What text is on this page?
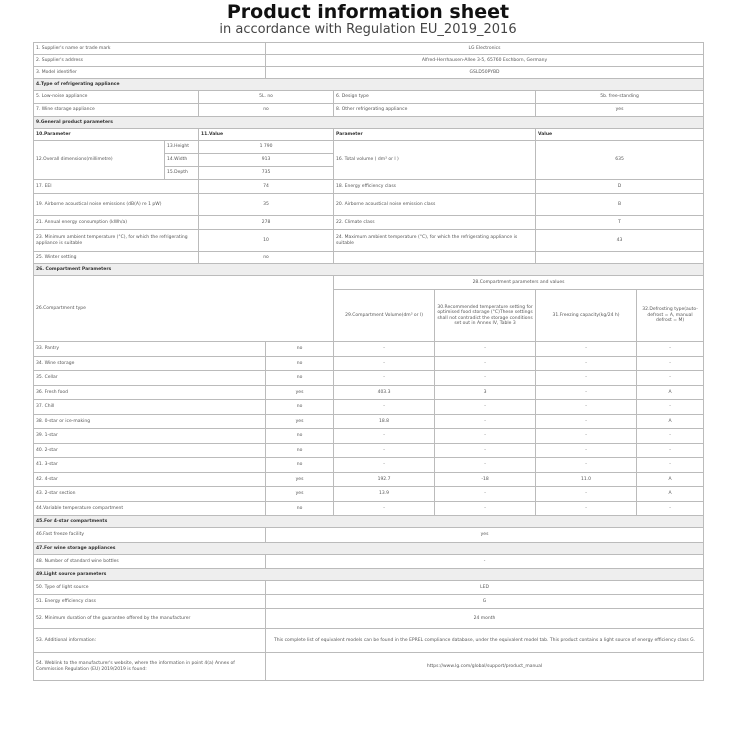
Product information sheet
in accordance with Regulation EU_2019_2016
1. Supplier's name or trade mark			LG Electronics				
2. Supplier's address			Alfred-Herrhausen-Allee 3-5, 65760 Eschborn, Germany				
3. Model identifier			GSLD50PYBD				
4.Type of refrigerating appliance							
5. Low-noise appliance		5L. no		6. Design type		5b. free-standing	
7. Wine storage appliance		no		8. Other refrigerating appliance		yes	
9.General product parameters							
10.Parameter		11.Value		Parameter		Value	
12.Overall dimensions(millimetre)	13.Height	1 790		16. Total volume ( dm³ or l )		635	
	14.Width	913					
	15.Depth	735					
17. EEI		74		18. Energy efficiency class		D	
19. Airborne acoustical noise emissions (dB(A) re 1 pW)		35		20. Airborne acoustical noise emission class		B	
21. Annual energy consumption (kWh/a)		278		22. Climate class		T	
23. Minimum ambient temperature (°C), for which the refrigerating appliance is suitable		10		24. Maximum ambient temperature (°C), for which the refrigerating appliance is suitable		43	
25. Winter setting		no					
26. Compartment Parameters							
26.Compartment type				28.Compartment parameters and values			
				29.Compartment Volume(dm³ or l)	30.Recommended temperature setting for optimised food storage (°C)These settings shall not contradict the storage conditions set out in Annex IV, Table 3	31.Freezing capacity(kg/24 h)	32.Defrosting type(auto-defrost = A, manual defrost = M)
33. Pantry			no	-	-	-	-
34. Wine storage			no	-	-	-	-
35. Cellar			no	-	-	-	-
36. Fresh food			yes	403.3	3	-	A
37. Chill			no	-	-	-	-
38. 0-star or ice-making			yes	18.8	-	-	A
39. 1-star			no	-	-	-	-
40. 2-star			no	-	-	-	-
41. 3-star			no	-	-	-	-
42. 4-star			yes	192.7	-18	11.0	A
43. 2-star section			yes	13.9	-	-	A
44.Variable temperature compartment			no	-	-	-	-
45.For 4-star compartments							
46.Fast freeze facility			yes				
47.For wine storage appliances							
48. Number of standard wine bottles			-				
49.Light source parameters							
50. Type of light source			LED				
51. Energy efficiency class			G				
52. Minimum duration of the guarantee offered by the manufacturer			24 month				
53. Additional information:			This complete list of equivalent models can be found in the EPREL compliance database, under the equivalent model tab. This product contains a light source of energy efficiency class G.				
54. Weblink to the manufacturer's website, where the information in point 4(a) Annex of Commission Regulation (EU) 2019/2019 is found:			https://www.lg.com/global/support/product_manual				
